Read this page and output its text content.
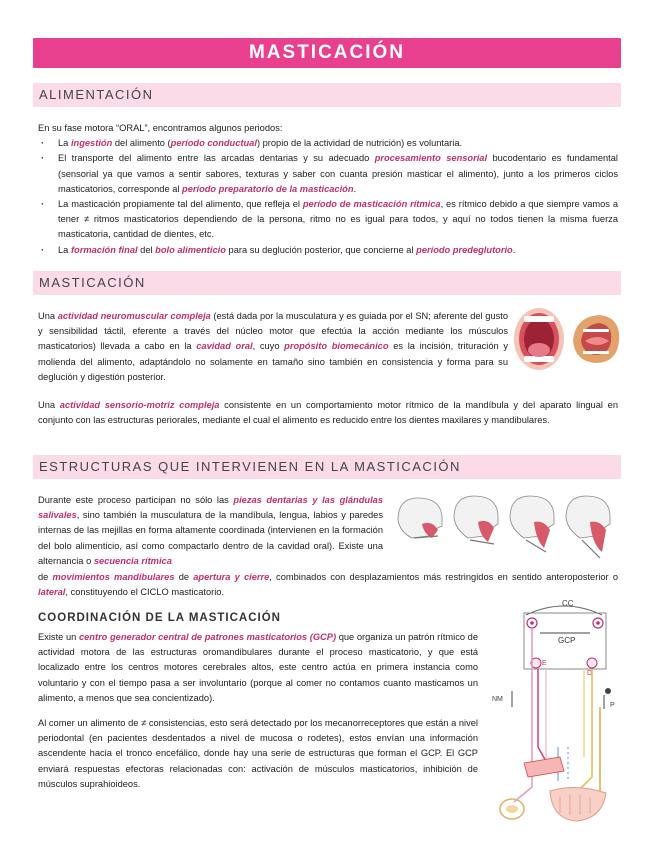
MASTICACIÓN
ALIMENTACIÓN

En su fase motora “ORAL”, encontramos algunos periodos:

· La ingestión del alimento (período conductual) propio de la actividad de nutrición) es voluntaria.
· El transporte del alimento entre las arcadas dentarias y su adecuado procesamiento sensorial bucodentario es fundamental (sensorial ya que vamos a sentir sabores, texturas y saber con cuanta presión masticar el alimento), junto a los primeros ciclos masticatorios, corresponde al período preparatorio de la masticación.
· La masticación propiamente tal del alimento, que refleja el período de masticación rítmica, es rítmico debido a que siempre vamos a tener ≠ ritmos masticatorios dependiendo de la persona, ritmo no es igual para todos, y aquí no todos tienen la misma fuerza masticatoria, cantidad de dientes, etc.
· La formación final del bolo alimenticio para su deglución posterior, que concierne al período predeglutorio.
MASTICACIÓN

Una actividad neuromuscular compleja (está dada por la musculatura y es guiada por el SN; aferente del gusto y sensibilidad táctil, eferente a través del núcleo motor que efectúa la acción mediante los músculos masticatorios) llevada a cabo en la cavidad oral, cuyo propósito biomecánico es la incisión, trituración y molienda del alimento, adaptándolo no solamente en tamaño sino también en consistencia y forma para su deglución y digestión posterior.

Una actividad sensorio-motriz compleja consistente en un comportamiento motor rítmico de la mandíbula y del aparato lingual en conjunto con las estructuras periorales, mediante el cual el alimento es reducido entre los dientes maxilares y mandibulares.

ESTRUCTURAS QUE INTERVIENEN EN LA MASTICACIÓN

Durante este proceso participan no sólo las piezas dentarias y las glándulas salivales, sino también la musculatura de la mandíbula, lengua, labios y paredes internas de las mejillas en forma altamente coordinada (intervienen en la formación del bolo alimenticio, así como compactarlo dentro de la cavidad oral). Existe una alternancia o secuencia rítmica

de movimientos mandibulares de apertura y cierre, combinados con desplazamientos más restringidos en sentido anteroposterior o lateral, constituyendo el CICLO masticatorio.

COORDINACIÓN DE LA MASTICACIÓN

Existe un centro generador central de patrones masticatorios (GCP) que organiza un patrón rítmico de actividad motora de las estructuras oromandibulares durante el proceso masticatorio, y que está localizado entre los centros motores cerebrales altos, este centro actúa en primera instancia como voluntario y con el tiempo pasa a ser involuntario (porque al comer no contamos cuanto masticamos un alimento, a menos que sea concientizado).

Al comer un alimento de ≠ consistencias, esto será detectado por los mecanorreceptores que están a nivel periodontal (en pacientes desdentados a nivel de mucosa o rodetes), estos envían una información ascendente hacia el tronco encefálico, donde hay una serie de estructuras que forman el GCP. El GCP enviará respuestas efectoras relacionadas con: activación de músculos masticatorios, inhibición de músculos suprahioideos.

CC
GCP
E
D
NM
P
